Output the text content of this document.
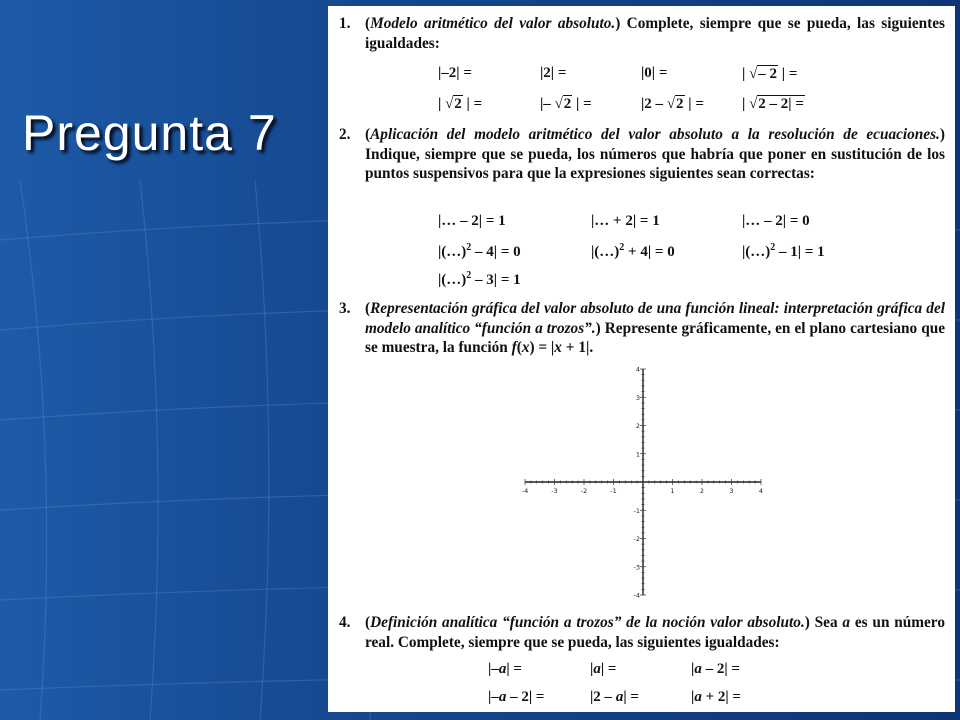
Pregunta 7
1. (Modelo aritmético del valor absoluto.) Complete, siempre que se pueda, las siguientes igualdades:
|–2| =	|2| =	|0| =	| √– 2 | =
| √2 | =	|– √2 | =	|2 – √2 | =	| √2 – 2| =
2. (Aplicación del modelo aritmético del valor absoluto a la resolución de ecuaciones.) Indique, siempre que se pueda, los números que habría que poner en sustitución de los puntos suspensivos para que la expresiones siguientes sean correctas:
|… – 2| = 1	|… + 2| = 1	|… – 2| = 0
|(…)$^2$ – 4| = 0	|(…)$^2$ + 4| = 0	|(…)$^2$ – 1| = 1
|(…)$^2$ – 3| = 1
3. (Representación gráfica del valor absoluto de una función lineal: interpretación gráfica del modelo analítico “función a trozos”.) Represente gráficamente, en el plano cartesiano que se muestra, la función f(x) = |x + 1|.
-4	-3	-2	-1	1	2	3	4
-4
-3
-2
-1
1
2
3
4
4. (Definición analítica “función a trozos” de la noción valor absoluto.) Sea a es un número real. Complete, siempre que se pueda, las siguientes igualdades:
|–a| =	|a| =	|a – 2| =
|–a – 2| =	|2 – a| =	|a + 2| =
